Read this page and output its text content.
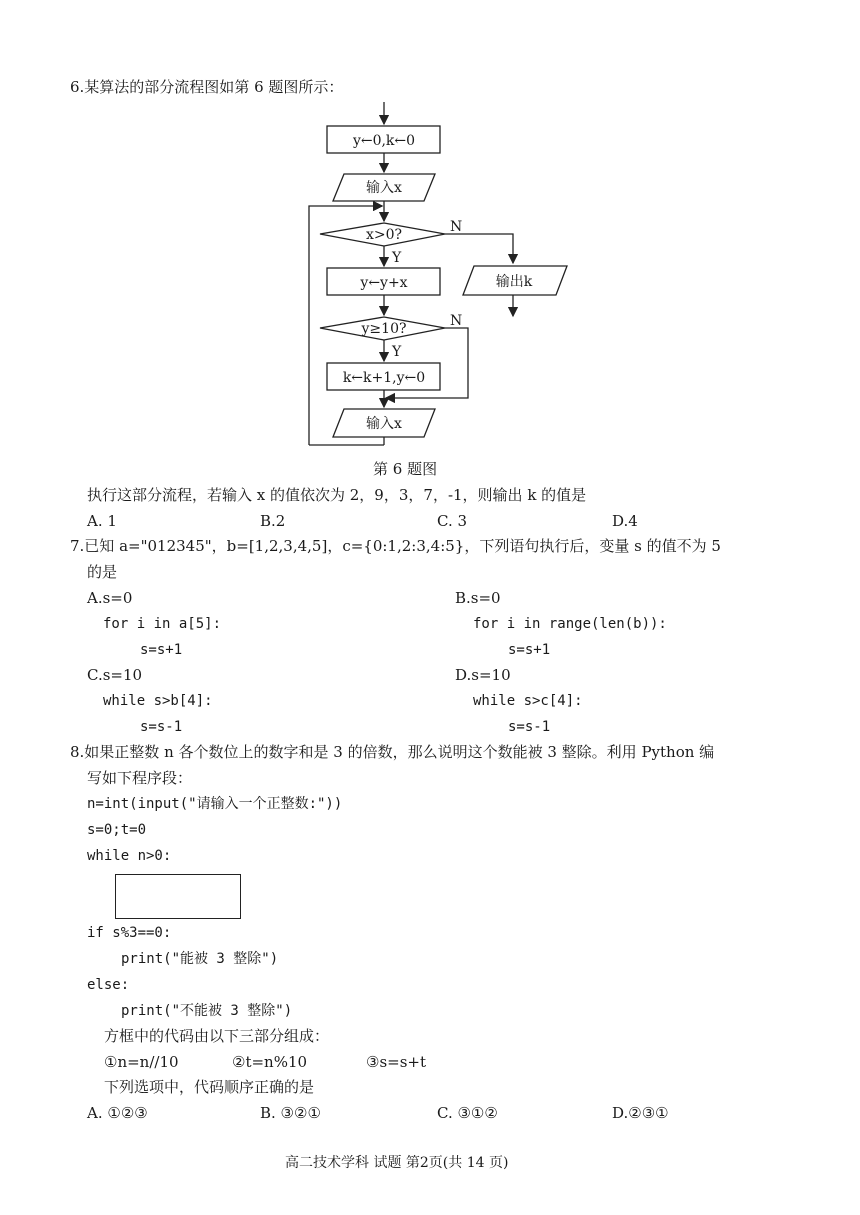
6.某算法的部分流程图如第 6 题图所示：
y←0,k←0
输入x
x>0?	N
Y
y←y+x	输出k
y≥10?	N
Y
k←k+1,y←0
输入x
第 6 题图
执行这部分流程，若输入 x 的值依次为 2，9，3，7，-1，则输出 k 的值是
A. 1	B.2	C. 3	D.4
7.已知 a="012345"，b=[1,2,3,4,5]，c={0:1,2:3,4:5}，下列语句执行后，变量 s 的值不为 5
的是
A.s=0
for i in a[5]:
s=s+1
B.s=0
for i in range(len(b)):
s=s+1
C.s=10
while s>b[4]:
s=s-1
D.s=10
while s>c[4]:
s=s-1
8.如果正整数 n 各个数位上的数字和是 3 的倍数，那么说明这个数能被 3 整除。利用 Python 编
写如下程序段：
n=int(input("请输入一个正整数:"))
s=0;t=0
while n>0:
if s%3==0:
print("能被 3 整除")
else:
print("不能被 3 整除")
方框中的代码由以下三部分组成：
①n=n//10	②t=n%10	③s=s+t
下列选项中，代码顺序正确的是
A. ①②③	B. ③②①	C. ③①②	D.②③①
高二技术学科 试题 第2页(共 14 页)
